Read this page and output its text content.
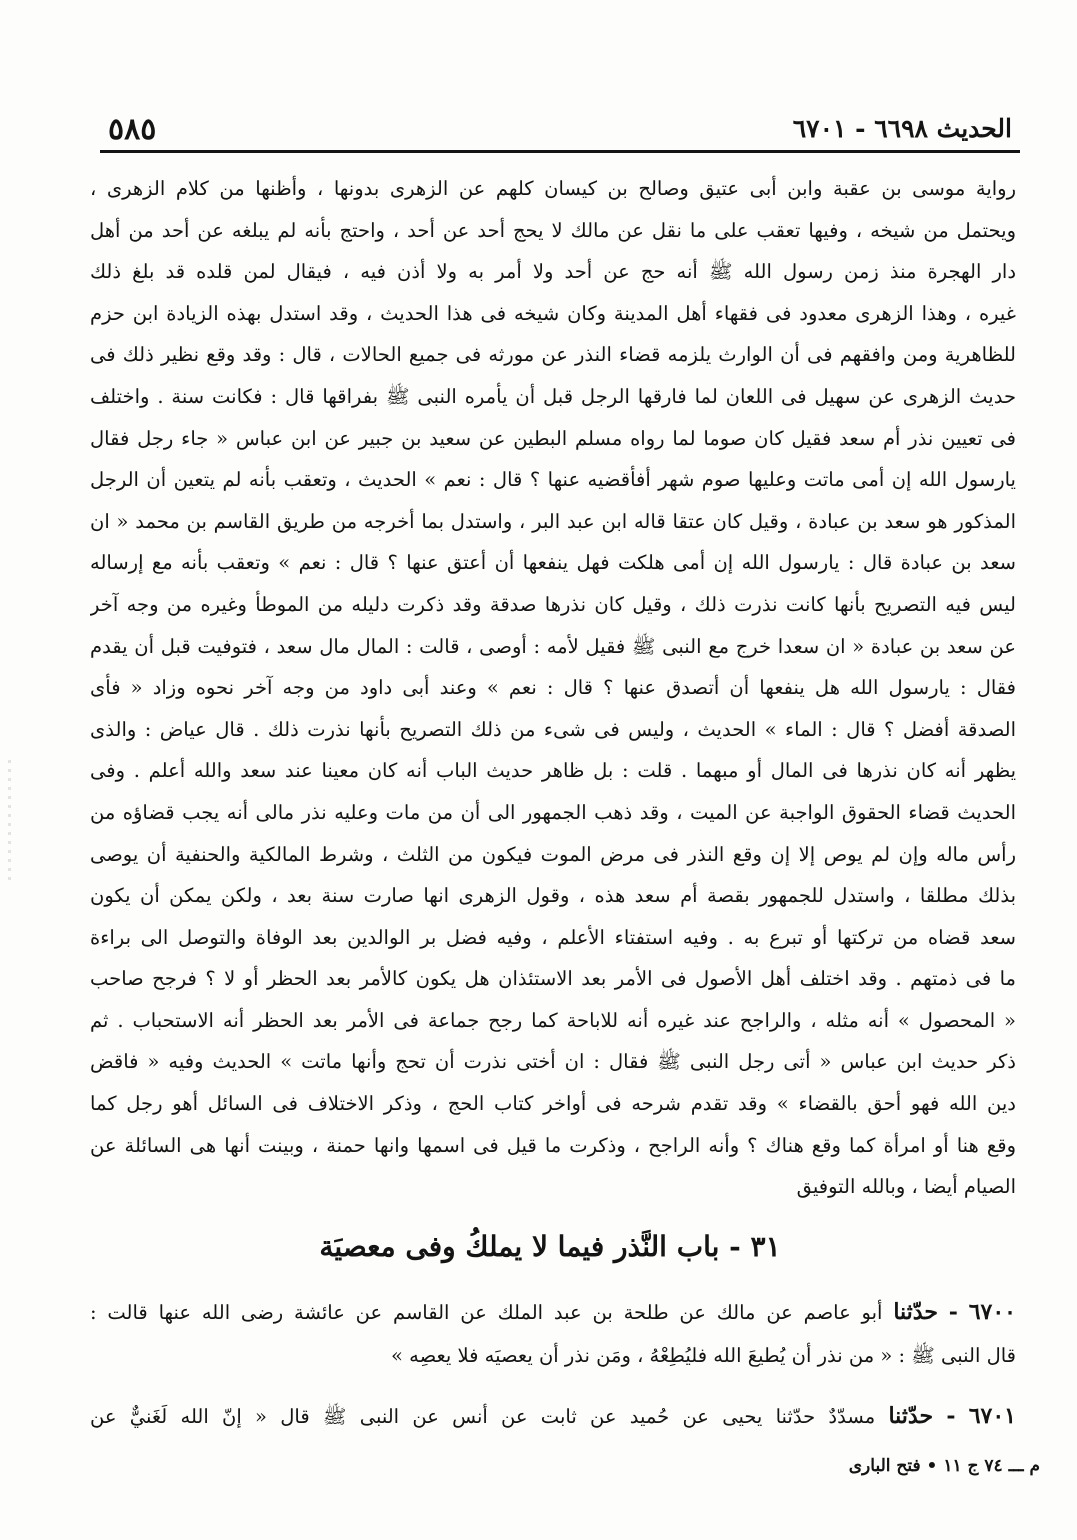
الحديث ٦٦٩٨ - ٦٧٠١
٥٨٥

رواية موسى بن عقبة وابن أبى عتيق وصالح بن كيسان كلهم عن الزهرى بدونها ، وأظنها من كلام الزهرى ،

ويحتمل من شيخه ، وفيها تعقب على ما نقل عن مالك لا يحج أحد عن أحد ، واحتج بأنه لم يبلغه عن أحد من أهل

دار الهجرة منذ زمن رسول الله ﷺ أنه حج عن أحد ولا أمر به ولا أذن فيه ، فيقال لمن قلده قد بلغ ذلك

غيره ، وهذا الزهرى معدود فى فقهاء أهل المدينة وكان شيخه فى هذا الحديث ، وقد استدل بهذه الزيادة ابن حزم

للظاهرية ومن وافقهم فى أن الوارث يلزمه قضاء النذر عن مورثه فى جميع الحالات ، قال : وقد وقع نظير ذلك فى

حديث الزهرى عن سهيل فى اللعان لما فارقها الرجل قبل أن يأمره النبى ﷺ بفراقها قال : فكانت سنة . واختلف

فى تعيين نذر أم سعد فقيل كان صوما لما رواه مسلم البطين عن سعيد بن جبير عن ابن عباس « جاء رجل فقال

يارسول الله إن أمى ماتت وعليها صوم شهر أفأقضيه عنها ؟ قال : نعم » الحديث ، وتعقب بأنه لم يتعين أن الرجل

المذكور هو سعد بن عبادة ، وقيل كان عتقا قاله ابن عبد البر ، واستدل بما أخرجه من طريق القاسم بن محمد « ان

سعد بن عبادة قال : يارسول الله إن أمى هلكت فهل ينفعها أن أعتق عنها ؟ قال : نعم » وتعقب بأنه مع إرساله

ليس فيه التصريح بأنها كانت نذرت ذلك ، وقيل كان نذرها صدقة وقد ذكرت دليله من الموطأ وغيره من وجه آخر

عن سعد بن عبادة « ان سعدا خرج مع النبى ﷺ فقيل لأمه : أوصى ، قالت : المال مال سعد ، فتوفيت قبل أن يقدم

فقال : يارسول الله هل ينفعها أن أتصدق عنها ؟ قال : نعم » وعند أبى داود من وجه آخر نحوه وزاد « فأى

الصدقة أفضل ؟ قال : الماء » الحديث ، وليس فى شىء من ذلك التصريح بأنها نذرت ذلك . قال عياض : والذى

يظهر أنه كان نذرها فى المال أو مبهما . قلت : بل ظاهر حديث الباب أنه كان معينا عند سعد والله أعلم . وفى

الحديث قضاء الحقوق الواجبة عن الميت ، وقد ذهب الجمهور الى أن من مات وعليه نذر مالى أنه يجب قضاؤه من

رأس ماله وإن لم يوص إلا إن وقع النذر فى مرض الموت فيكون من الثلث ، وشرط المالكية والحنفية أن يوصى

بذلك مطلقا ، واستدل للجمهور بقصة أم سعد هذه ، وقول الزهرى انها صارت سنة بعد ، ولكن يمكن أن يكون

سعد قضاه من تركتها أو تبرع به . وفيه استفتاء الأعلم ، وفيه فضل بر الوالدين بعد الوفاة والتوصل الى براءة

ما فى ذمتهم . وقد اختلف أهل الأصول فى الأمر بعد الاستئذان هل يكون كالأمر بعد الحظر أو لا ؟ فرجح صاحب

« المحصول » أنه مثله ، والراجح عند غيره أنه للاباحة كما رجح جماعة فى الأمر بعد الحظر أنه الاستحباب . ثم

ذكر حديث ابن عباس « أتى رجل النبى ﷺ فقال : ان أختى نذرت أن تحج وأنها ماتت » الحديث وفيه « فاقض

دين الله فهو أحق بالقضاء » وقد تقدم شرحه فى أواخر كتاب الحج ، وذكر الاختلاف فى السائل أهو رجل كما

وقع هنا أو امرأة كما وقع هناك ؟ وأنه الراجح ، وذكرت ما قيل فى اسمها وانها حمنة ، وبينت أنها هى السائلة عن

الصيام أيضا ، وبالله التوفيق

٣١ - باب النَّذر فيما لا يملكُ وفى معصيَة

٦٧٠٠ - حدّثنا أبو عاصم عن مالك عن طلحة بن عبد الملك عن القاسم عن عائشة رضى الله عنها قالت :

قال النبى ﷺ : « من نذر أن يُطيعَ الله فليُطِعْهُ ، ومَن نذر أن يعصيَه فلا يعصِه »

٦٧٠١ - حدّثنا مسدّدٌ حدّثنا يحيى عن حُميد عن ثابت عن أنس عن النبى ﷺ قال « إنّ الله لَغَنيٌّ عن

م ـــ ٧٤ ج ١١ • فتح البارى
